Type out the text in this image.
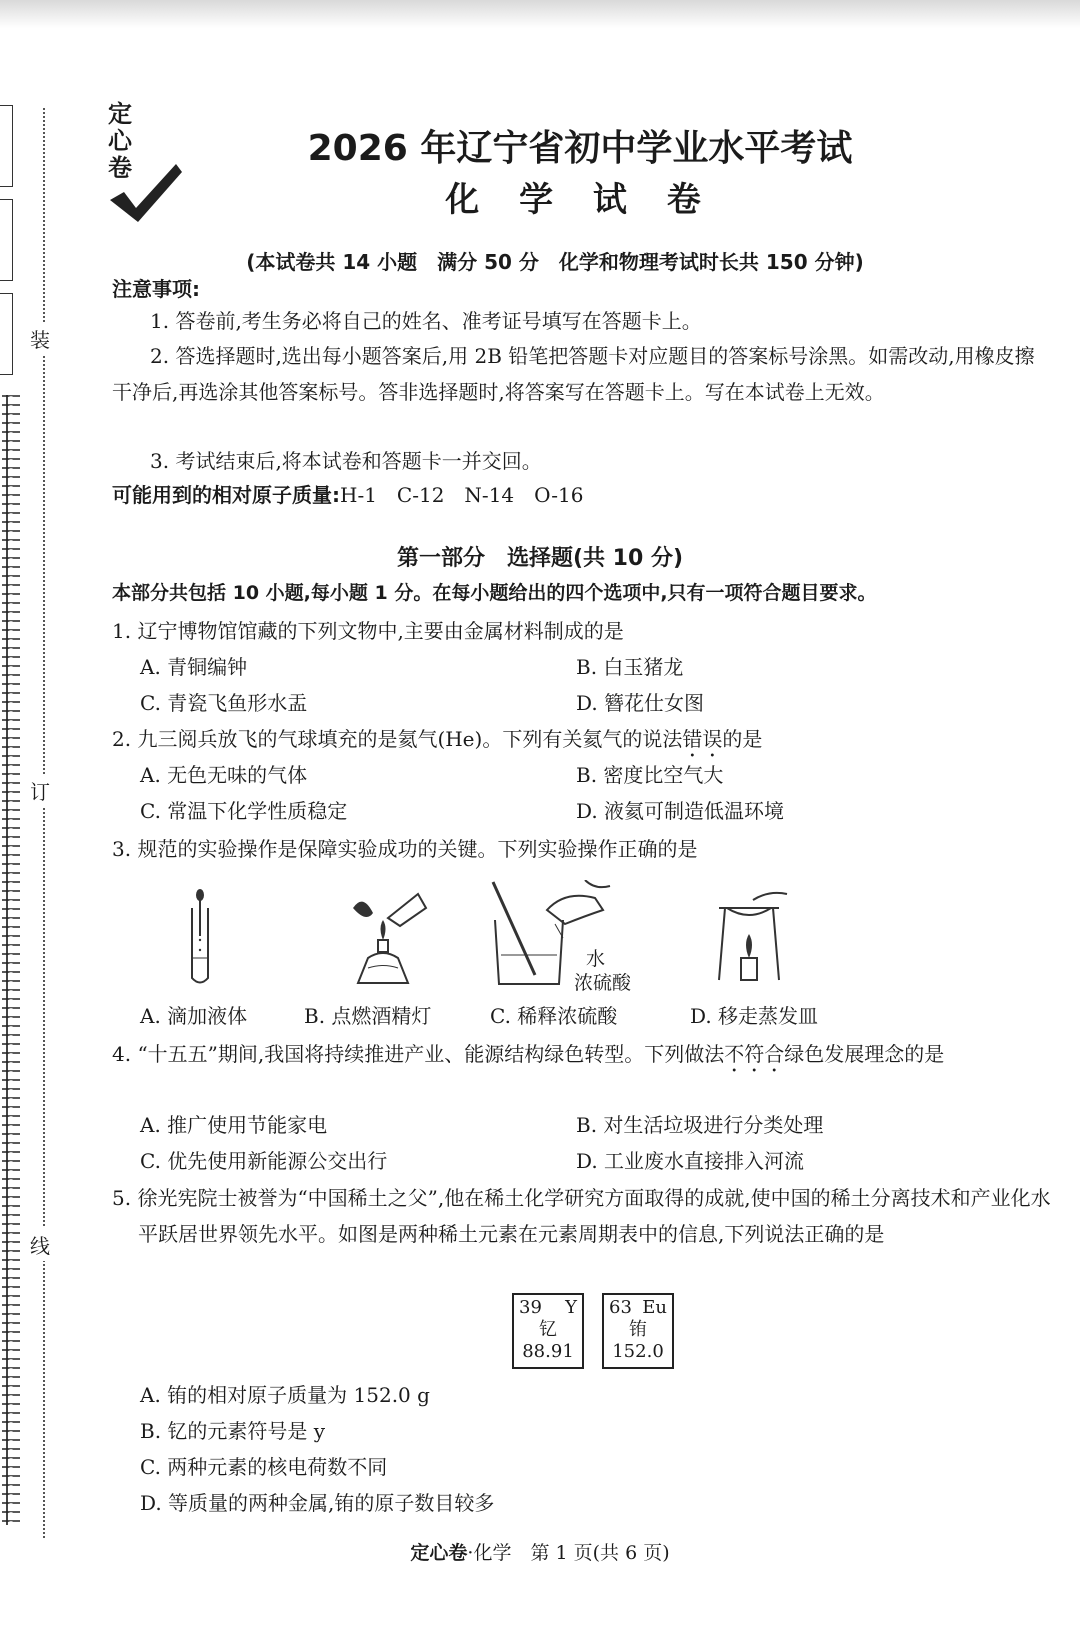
装
订
线
定
心
卷	2026 年辽宁省初中学业水平考试
化 学 试 卷
(本试卷共 14 小题　满分 50 分　化学和物理考试时长共 150 分钟)
注意事项:
1. 答卷前,考生务必将自己的姓名、准考证号填写在答题卡上。
2. 答选择题时,选出每小题答案后,用 2B 铅笔把答题卡对应题目的答案标号涂黑。如需改动,用橡皮擦干净后,再选涂其他答案标号。答非选择题时,将答案写在答题卡上。写在本试卷上无效。
3. 考试结束后,将本试卷和答题卡一并交回。
可能用到的相对原子质量:H-1　C-12　N-14　O-16
第一部分　选择题(共 10 分)
本部分共包括 10 小题,每小题 1 分。在每小题给出的四个选项中,只有一项符合题目要求。
1. 辽宁博物馆馆藏的下列文物中,主要由金属材料制成的是
A. 青铜编钟	B. 白玉猪龙
C. 青瓷飞鱼形水盂	D. 簪花仕女图
2. 九三阅兵放飞的气球填充的是氦气(He)。下列有关氦气的说法错误的是
A. 无色无味的气体	B. 密度比空气大
C. 常温下化学性质稳定	D. 液氦可制造低温环境
3. 规范的实验操作是保障实验成功的关键。下列实验操作正确的是
水
浓硫酸
A. 滴加液体	B. 点燃酒精灯	C. 稀释浓硫酸	D. 移走蒸发皿
4. “十五五”期间,我国将持续推进产业、能源结构绿色转型。下列做法不符合绿色发展理念的是
A. 推广使用节能家电	B. 对生活垃圾进行分类处理
C. 优先使用新能源公交出行	D. 工业废水直接排入河流
5. 徐光宪院士被誉为“中国稀土之父”,他在稀土化学研究方面取得的成就,使中国的稀土分离技术和产业化水平跃居世界领先水平。如图是两种稀土元素在元素周期表中的信息,下列说法正确的是
39 Y
钇
88.91
63 Eu
铕
152.0
A. 铕的相对原子质量为 152.0 g
B. 钇的元素符号是 y
C. 两种元素的核电荷数不同
D. 等质量的两种金属,铕的原子数目较多
定心卷·化学　第 1 页(共 6 页)
